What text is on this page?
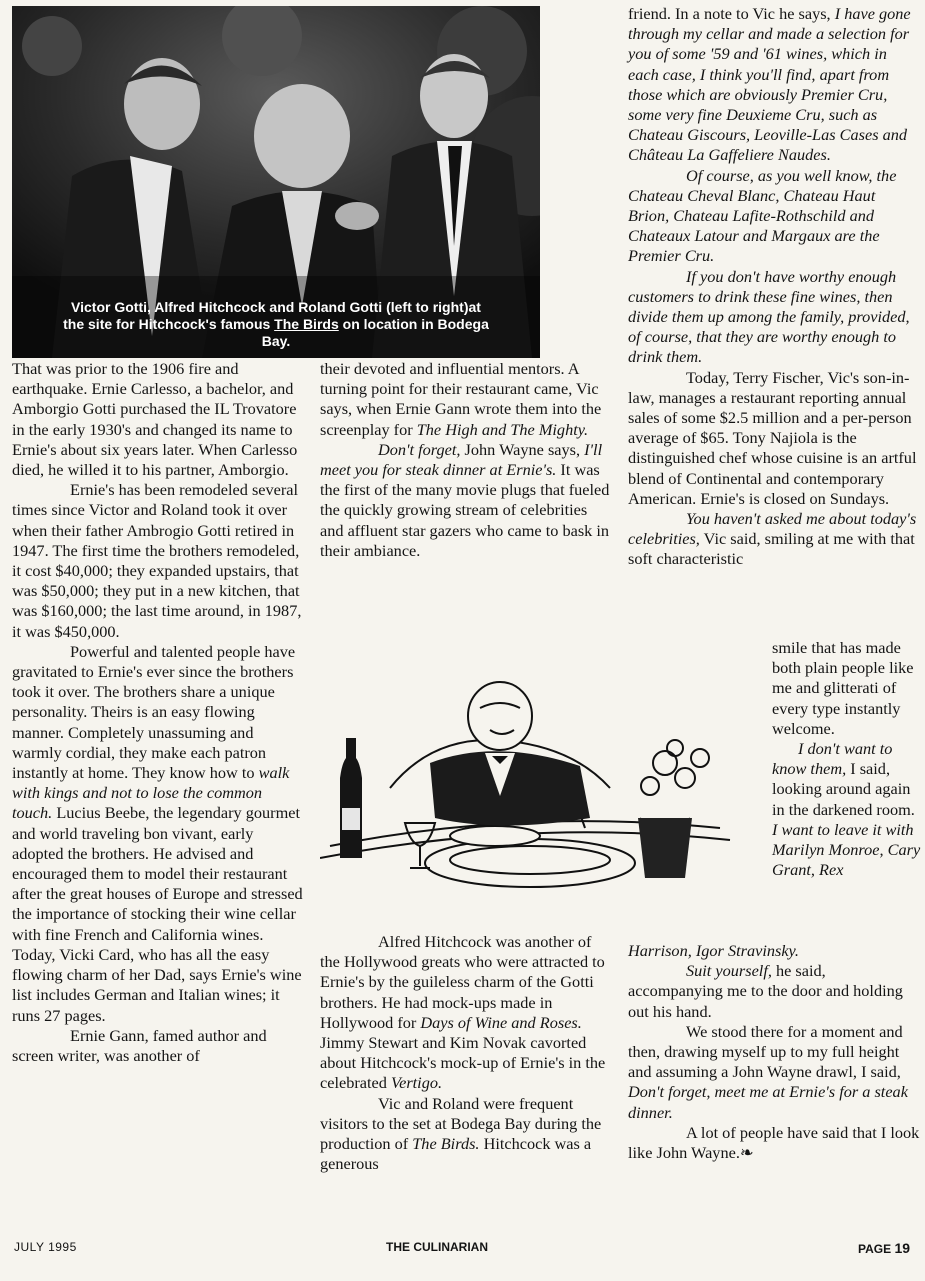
Victor Gotti, Alfred Hitchcock and Roland Gotti (left to right)at the site for Hitchcock's famous The Birds on location in Bodega Bay.

That was prior to the 1906 fire and earthquake. Ernie Carlesso, a bachelor, and Amborgio Gotti purchased the IL Trovatore in the early 1930's and changed its name to Ernie's about six years later. When Carlesso died, he willed it to his partner, Amborgio.

Ernie's has been remodeled several times since Victor and Roland took it over when their father Ambrogio Gotti retired in 1947. The first time the brothers remodeled, it cost $40,000; they expanded upstairs, that was $50,000; they put in a new kitchen, that was $160,000; the last time around, in 1987, it was $450,000.

Powerful and talented people have gravitated to Ernie's ever since the brothers took it over. The brothers share a unique personality. Theirs is an easy flowing manner. Completely unassuming and warmly cordial, they make each patron instantly at home. They know how to walk with kings and not to lose the common touch. Lucius Beebe, the legendary gourmet and world traveling bon vivant, early adopted the brothers. He advised and encouraged them to model their restaurant after the great houses of Europe and stressed the importance of stocking their wine cellar with fine French and California wines. Today, Vicki Card, who has all the easy flowing charm of her Dad, says Ernie's wine list includes German and Italian wines; it runs 27 pages.

Ernie Gann, famed author and screen writer, was another of

their devoted and influential mentors. A turning point for their restaurant came, Vic says, when Ernie Gann wrote them into the screenplay for The High and The Mighty.

Don't forget, John Wayne says, I'll meet you for steak dinner at Ernie's. It was the first of the many movie plugs that fueled the quickly growing stream of celebrities and affluent star gazers who came to bask in their ambiance.

Alfred Hitchcock was another of the Hollywood greats who were attracted to Ernie's by the guileless charm of the Gotti brothers. He had mock-ups made in Hollywood for Days of Wine and Roses. Jimmy Stewart and Kim Novak cavorted about Hitchcock's mock-up of Ernie's in the celebrated Vertigo.

Vic and Roland were frequent visitors to the set at Bodega Bay during the production of The Birds. Hitchcock was a generous

friend. In a note to Vic he says, I have gone through my cellar and made a selection for you of some '59 and '61 wines, which in each case, I think you'll find, apart from those which are obviously Premier Cru, some very fine Deuxieme Cru, such as Chateau Giscours, Leoville-Las Cases and Château La Gaffeliere Naudes.

Of course, as you well know, the Chateau Cheval Blanc, Chateau Haut Brion, Chateau Lafite-Rothschild and Chateaux Latour and Margaux are the Premier Cru.

If you don't have worthy enough customers to drink these fine wines, then divide them up among the family, provided, of course, that they are worthy enough to drink them.

Today, Terry Fischer, Vic's son-in-law, manages a restaurant reporting annual sales of some $2.5 million and a per-person average of $65. Tony Najiola is the distinguished chef whose cuisine is an artful blend of Continental and contemporary American. Ernie's is closed on Sundays.

You haven't asked me about today's celebrities, Vic said, smiling at me with that soft characteristic

smile that has made both plain people like me and glitterati of every type instantly welcome.

I don't want to know them, I said, looking around again in the darkened room. I want to leave it with Marilyn Monroe, Cary Grant, Rex

Harrison, Igor Stravinsky.

Suit yourself, he said, accompanying me to the door and holding out his hand.

We stood there for a moment and then, drawing myself up to my full height and assuming a John Wayne drawl, I said, Don't forget, meet me at Ernie's for a steak dinner.

A lot of people have said that I look like John Wayne.❧

JULY 1995	THE CULINARIAN	PAGE 19
